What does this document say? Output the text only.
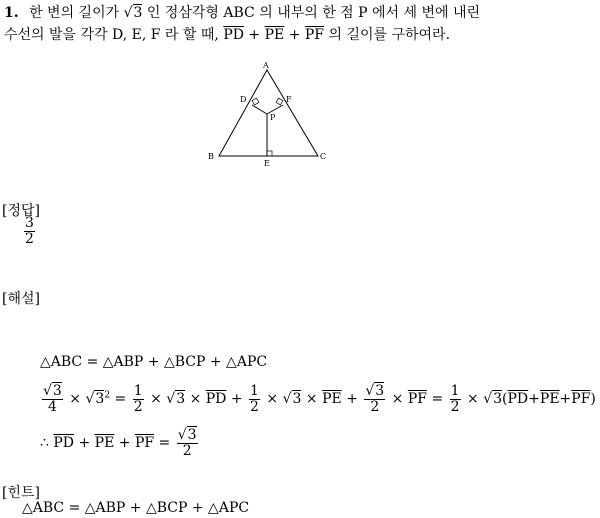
1. 한 변의 길이가 √3 인 정삼각형 ABC 의 내부의 한 점 P 에서 세 변에 내린
수선의 발을 각각 D, E, F 라 할 때, $\overline{PD} + \overline{PE} + \overline{PF}$ 의 길이를 구하여라.
A
B	C
D
E
F
P
[정답]
$\frac{3}{2}$
[해설]
△ABC = △ABP + △BCP + △APC
$\frac{√3}{4} \times √3^2 = \frac{1}{2} \times √3 \times \overline{PD} + \frac{1}{2} \times √3 \times \overline{PE} + \frac{√3}{2} \times \overline{PF} = \frac{1}{2} \times √3(\overline{PD}+\overline{PE}+\overline{PF})$
∴ $\overline{PD} + \overline{PE} + \overline{PF} = \frac{√3}{2}$
[힌트]
△ABC = △ABP + △BCP + △APC
